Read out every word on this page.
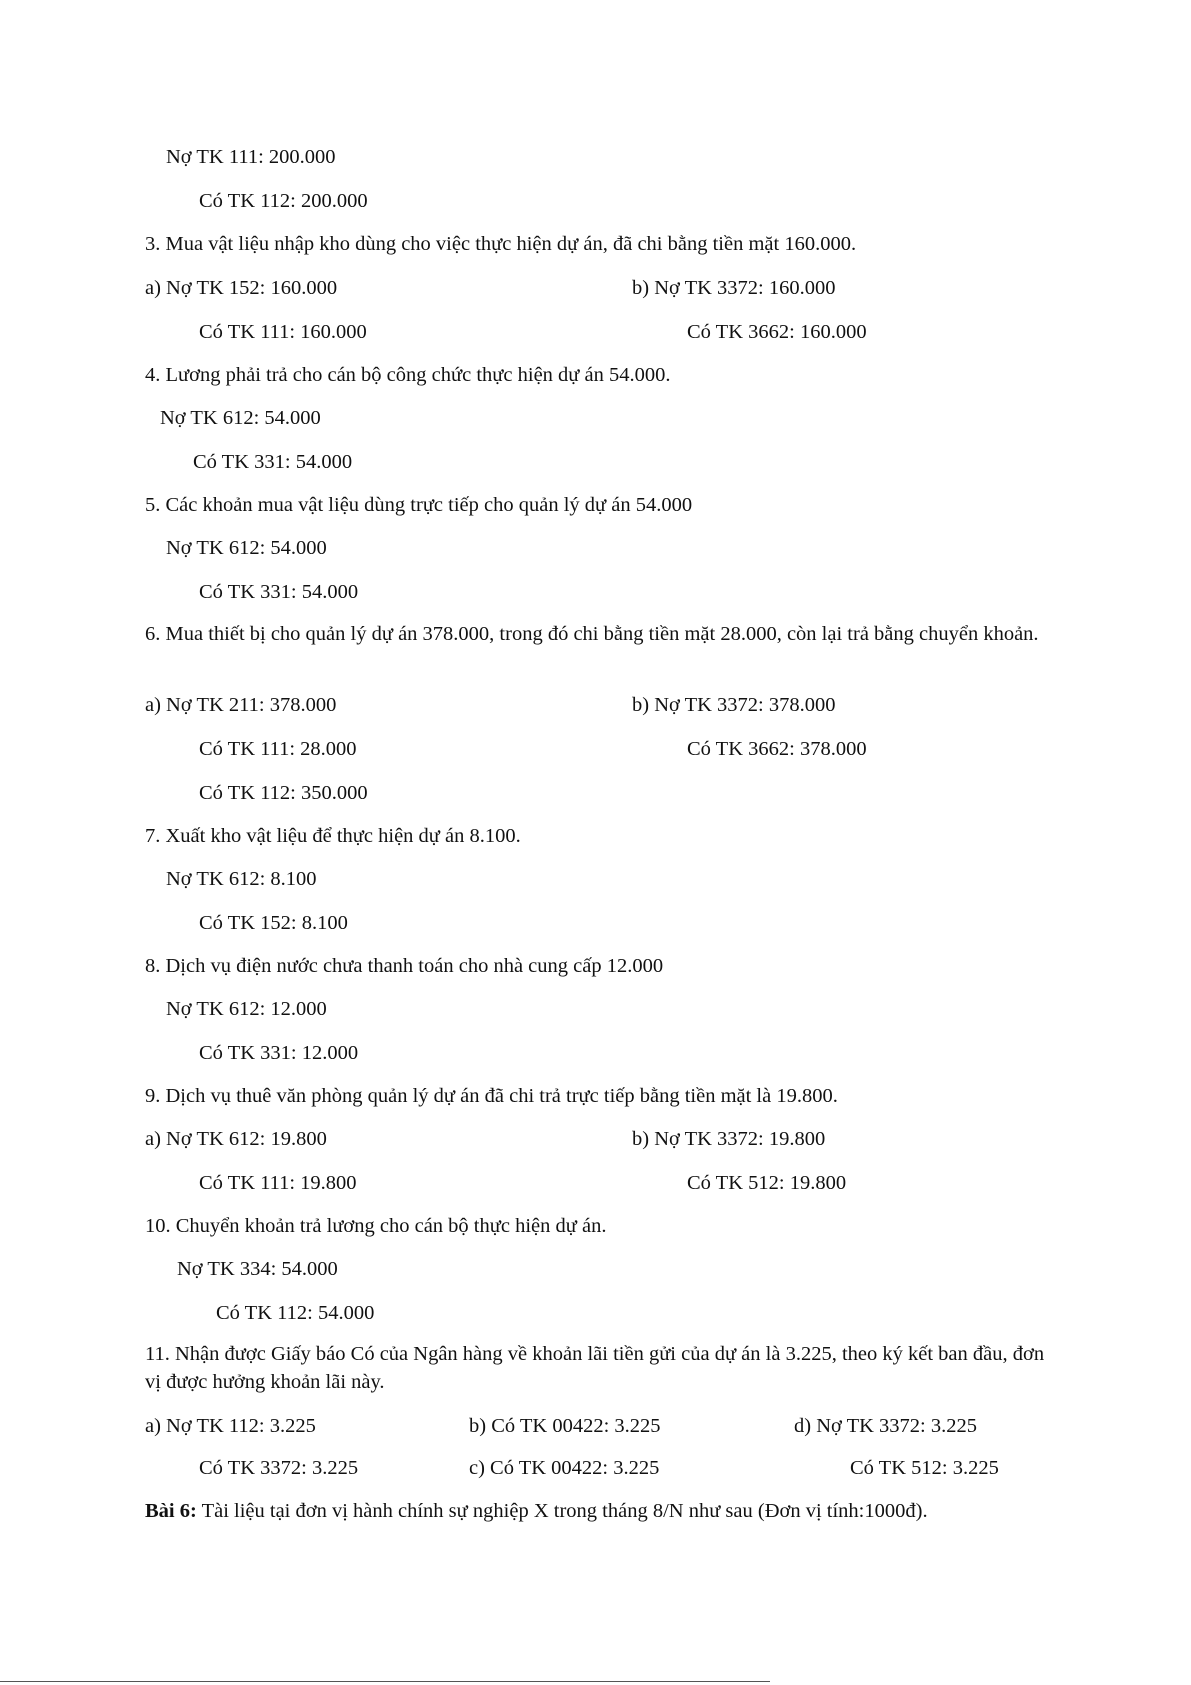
Nợ TK 111: 200.000
Có TK 112: 200.000
3. Mua vật liệu nhập kho dùng cho việc thực hiện dự án, đã chi bằng tiền mặt 160.000.
a) Nợ TK 152: 160.000	b) Nợ TK 3372: 160.000
Có TK 111: 160.000	Có TK 3662: 160.000
4. Lương phải trả cho cán bộ công chức thực hiện dự án 54.000.
Nợ TK 612: 54.000
Có TK 331: 54.000
5. Các khoản mua vật liệu dùng trực tiếp cho quản lý dự án 54.000
Nợ TK 612: 54.000
Có TK 331: 54.000
6. Mua thiết bị cho quản lý dự án 378.000, trong đó chi bằng tiền mặt 28.000, còn lại trả bằng chuyển khoản.
a) Nợ TK 211: 378.000	b) Nợ TK 3372: 378.000
Có TK 111: 28.000	Có TK 3662: 378.000
Có TK 112: 350.000
7. Xuất kho vật liệu để thực hiện dự án 8.100.
Nợ TK 612: 8.100
Có TK 152: 8.100
8. Dịch vụ điện nước chưa thanh toán cho nhà cung cấp 12.000
Nợ TK 612: 12.000
Có TK 331: 12.000
9. Dịch vụ thuê văn phòng quản lý dự án đã chi trả trực tiếp bằng tiền mặt là 19.800.
a) Nợ TK 612: 19.800	b) Nợ TK 3372: 19.800
Có TK 111: 19.800	Có TK 512: 19.800
10. Chuyển khoản trả lương cho cán bộ thực hiện dự án.
Nợ TK 334: 54.000
Có TK 112: 54.000
11. Nhận được Giấy báo Có của Ngân hàng về khoản lãi tiền gửi của dự án là 3.225, theo ký kết ban đầu, đơn vị được hưởng khoản lãi này.
a) Nợ TK 112: 3.225	b) Có TK 00422: 3.225	d) Nợ TK 3372: 3.225
Có TK 3372: 3.225	c) Có TK 00422: 3.225	Có TK 512: 3.225
Bài 6: Tài liệu tại đơn vị hành chính sự nghiệp X trong tháng 8/N như sau (Đơn vị tính:1000đ).
